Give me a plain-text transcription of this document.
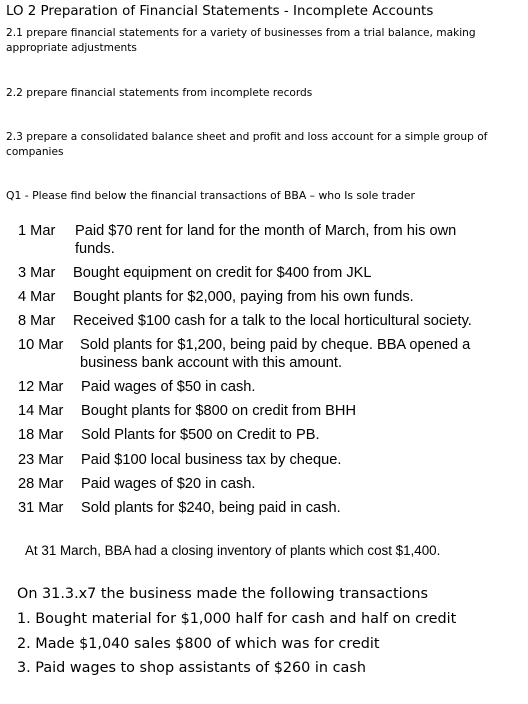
LO 2 Preparation of Financial Statements - Incomplete Accounts
2.1 prepare financial statements for a variety of businesses from a trial balance, making appropriate adjustments
2.2 prepare financial statements from incomplete records
2.3 prepare a consolidated balance sheet and profit and loss account for a simple group of companies
Q1 - Please find below the financial transactions of BBA – who Is sole trader
1 Mar Paid $70 rent for land for the month of March, from his own funds.
3 Mar Bought equipment on credit for $400 from JKL
4 Mar Bought plants for $2,000, paying from his own funds.
8 Mar Received $100 cash for a talk to the local horticultural society.
10 Mar Sold plants for $1,200, being paid by cheque. BBA opened a business bank account with this amount.
12 Mar Paid wages of $50 in cash.
14 Mar Bought plants for $800 on credit from BHH
18 Mar Sold Plants for $500 on Credit to PB.
23 Mar Paid $100 local business tax by cheque.
28 Mar Paid wages of $20 in cash.
31 Mar Sold plants for $240, being paid in cash.
At 31 March, BBA had a closing inventory of plants which cost $1,400.
On 31.3.x7 the business made the following transactions
1. Bought material for $1,000 half for cash and half on credit
2. Made $1,040 sales $800 of which was for credit
3. Paid wages to shop assistants of $260 in cash
